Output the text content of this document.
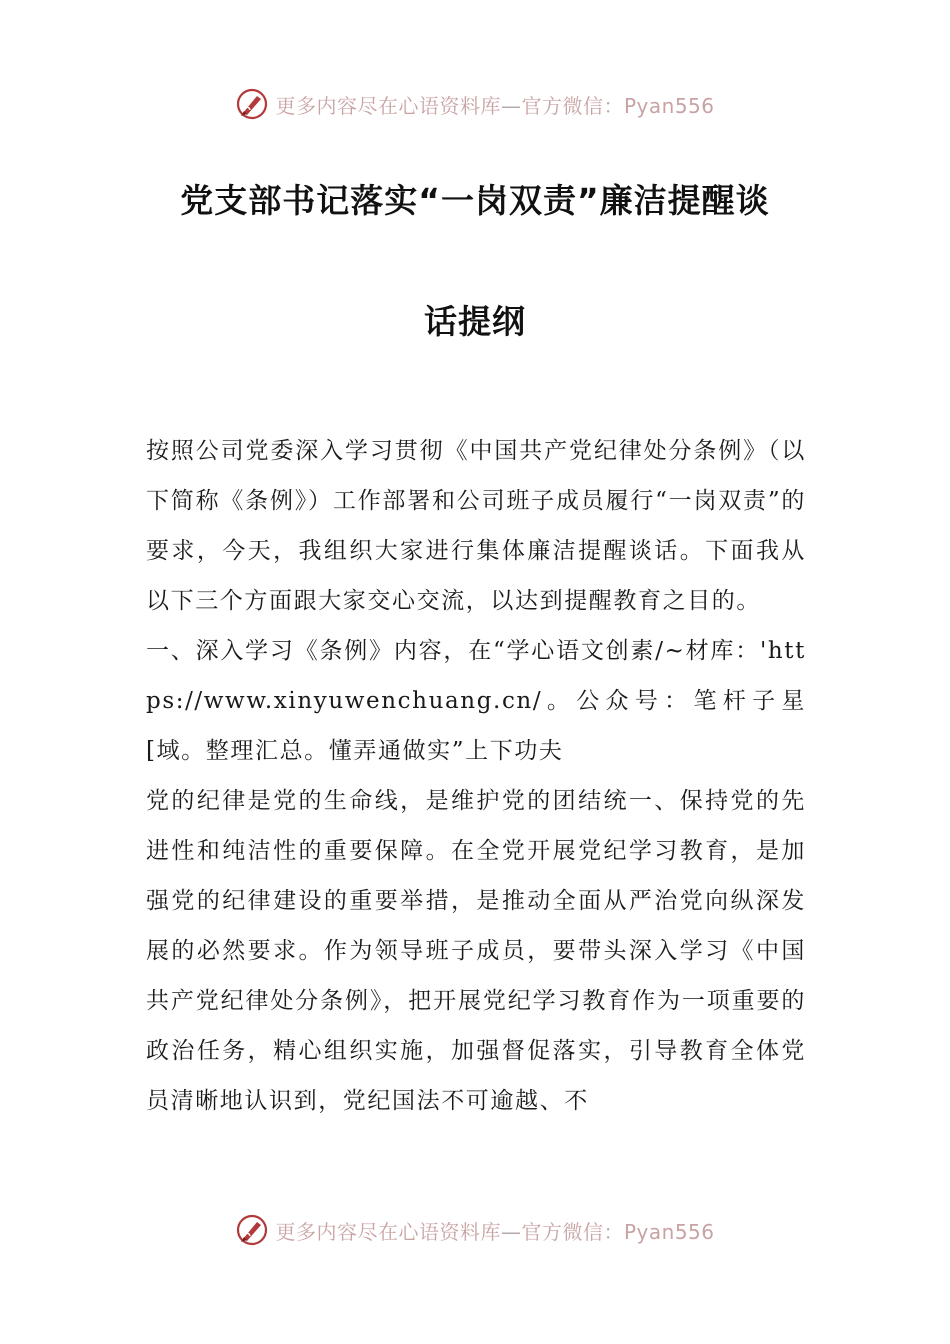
更多内容尽在心语资料库—官方微信：Pyan556
党支部书记落实“一岗双责”廉洁提醒谈
话提纲

按照公司党委深入学习贯彻《中国共产党纪律处分条例》（以下简称《条例》）工作部署和公司班子成员履行“一岗双责”的要求，今天，我组织大家进行集体廉洁提醒谈话。下面我从以下三个方面跟大家交心交流，以达到提醒教育之目的。

一、深入学习《条例》内容，在“学心语文创素/~材库：'https://www.xinyuwenchuang.cn/。公众号：笔杆子星[域。整理汇总。懂弄通做实”上下功夫

党的纪律是党的生命线，是维护党的团结统一、保持党的先进性和纯洁性的重要保障。在全党开展党纪学习教育，是加强党的纪律建设的重要举措，是推动全面从严治党向纵深发展的必然要求。作为领导班子成员，要带头深入学习《中国共产党纪律处分条例》，把开展党纪学习教育作为一项重要的政治任务，精心组织实施，加强督促落实，引导教育全体党员清晰地认识到，党纪国法不可逾越、不

更多内容尽在心语资料库—官方微信：Pyan556
